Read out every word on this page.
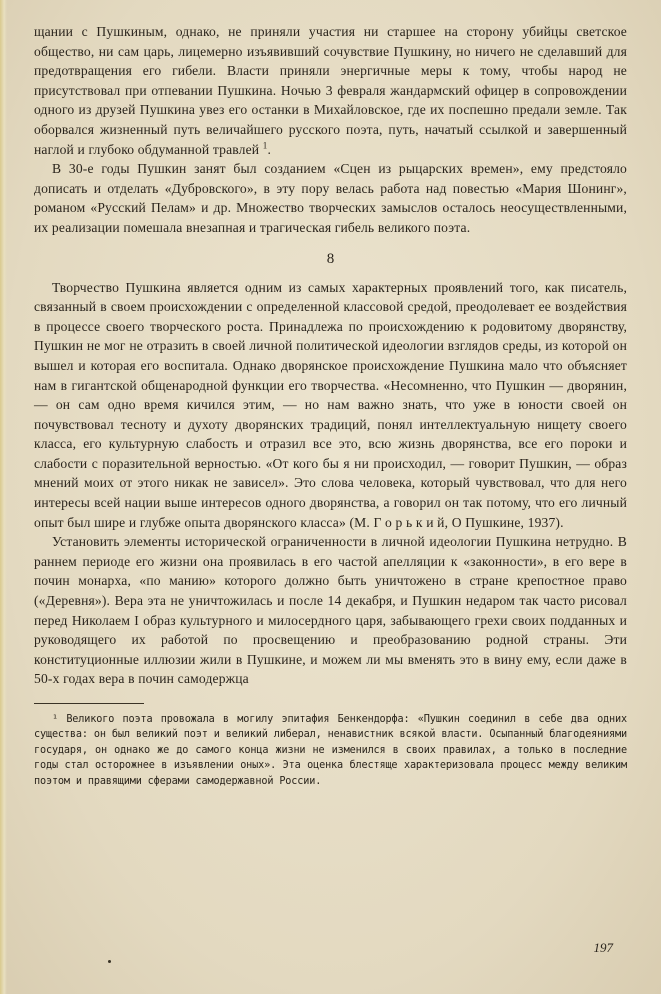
щании с Пушкиным, однако, не приняли участия ни старшее на сторону убийцы светское общество, ни сам царь, лицемерно изъявивший сочувствие Пушкину, но ничего не сделавший для предотвращения его гибели. Власти приняли энергичные меры к тому, чтобы народ не присутствовал при отпевании Пушкина. Ночью 3 февраля жандармский офицер в сопровождении одного из друзей Пушкина увез его останки в Михайловское, где их поспешно предали земле. Так оборвался жизненный путь величайшего русского поэта, путь, начатый ссылкой и завершенный наглой и глубоко обдуманной травлей $^1$.
В 30-е годы Пушкин занят был созданием «Сцен из рыцарских времен», ему предстояло дописать и отделать «Дубровского», в эту пору велась работа над повестью «Мария Шонинг», романом «Русский Пелам» и др. Множество творческих замыслов осталось неосуществленными, их реализации помешала внезапная и трагическая гибель великого поэта.
8
Творчество Пушкина является одним из самых характерных проявлений того, как писатель, связанный в своем происхождении с определенной классовой средой, преодолевает ее воздействия в процессе своего творческого роста. Принадлежа по происхождению к родовитому дворянству, Пушкин не мог не отразить в своей личной политической идеологии взглядов среды, из которой он вышел и которая его воспитала. Однако дворянское происхождение Пушкина мало что объясняет нам в гигантской общенародной функции его творчества. «Несомненно, что Пушкин — дворянин, — он сам одно время кичился этим, — но нам важно знать, что уже в юности своей он почувствовал тесноту и духоту дворянских традиций, понял интеллектуальную нищету своего класса, его культурную слабость и отразил все это, всю жизнь дворянства, все его пороки и слабости с поразительной верностью. «От кого бы я ни происходил, — говорит Пушкин, — образ мнений моих от этого никак не зависел». Это слова человека, который чувствовал, что для него интересы всей нации выше интересов одного дворянства, а говорил он так потому, что его личный опыт был шире и глубже опыта дворянского класса» (М. Г о р ь к и й, О Пушкине, 1937).
Установить элементы исторической ограниченности в личной идеологии Пушкина нетрудно. В раннем периоде его жизни она проявилась в его частой апелляции к «законности», в его вере в почин монарха, «по манию» которого должно быть уничтожено в стране крепостное право («Деревня»). Вера эта не уничтожилась и после 14 декабря, и Пушкин недаром так часто рисовал перед Николаем I образ культурного и милосердного царя, забывающего грехи своих подданных и руководящего их работой по просвещению и преобразованию родной страны. Эти конституционные иллюзии жили в Пушкине, и можем ли мы вменять это в вину ему, если даже в 50-х годах вера в почин самодержца

¹ Великого поэта провожала в могилу эпитафия Бенкендорфа: «Пушкин соединил в себе два одних существа: он был великий поэт и великий либерал, ненавистник всякой власти. Осыпанный благодеяниями государя, он однако же до самого конца жизни не изменился в своих правилах, а только в последние годы стал осторожнее в изъявлении оных». Эта оценка блестяще характеризовала процесс между великим поэтом и правящими сферами самодержавной России.

197
